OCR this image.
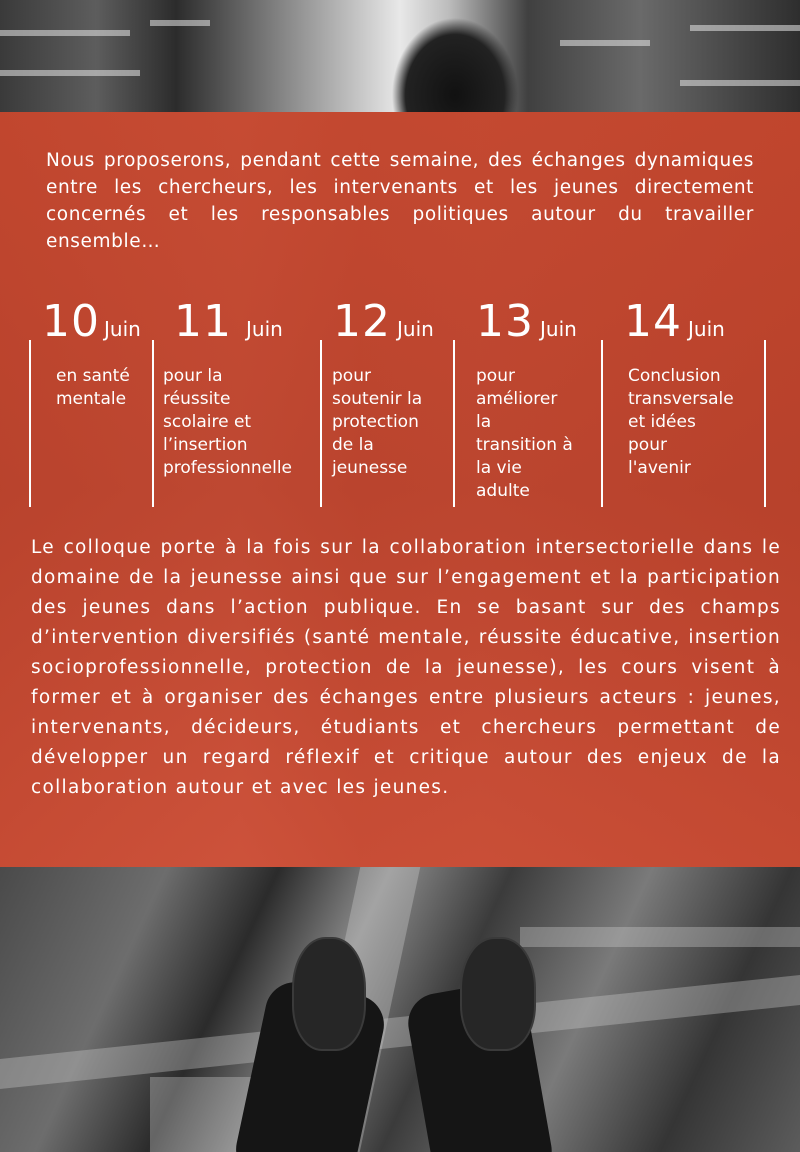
Nous proposerons, pendant cette semaine, des échanges dynamiques entre les chercheurs, les intervenants et les jeunes directement concernés et les responsables politiques autour du travailler ensemble…

10 Juin
en santé
mentale
11 Juin
pour la réussite
scolaire et
l’insertion
professionnelle
12 Juin
pour
soutenir la
protection
de la
jeunesse
13 Juin
pour
améliorer la
transition à
la vie adulte
14 Juin
Conclusion
transversale
et idées pour
l'avenir

Le colloque porte à la fois sur la collaboration intersectorielle dans le domaine de la jeunesse ainsi que sur l’engagement et la participation des jeunes dans l’action publique. En se basant sur des champs d’intervention diversifiés (santé mentale, réussite éducative, insertion socioprofessionnelle, protection de la jeunesse), les cours visent à former et à organiser des échanges entre plusieurs acteurs : jeunes, intervenants, décideurs, étudiants et chercheurs permettant de développer un regard réflexif et critique autour des enjeux de la collaboration autour et avec les jeunes.
